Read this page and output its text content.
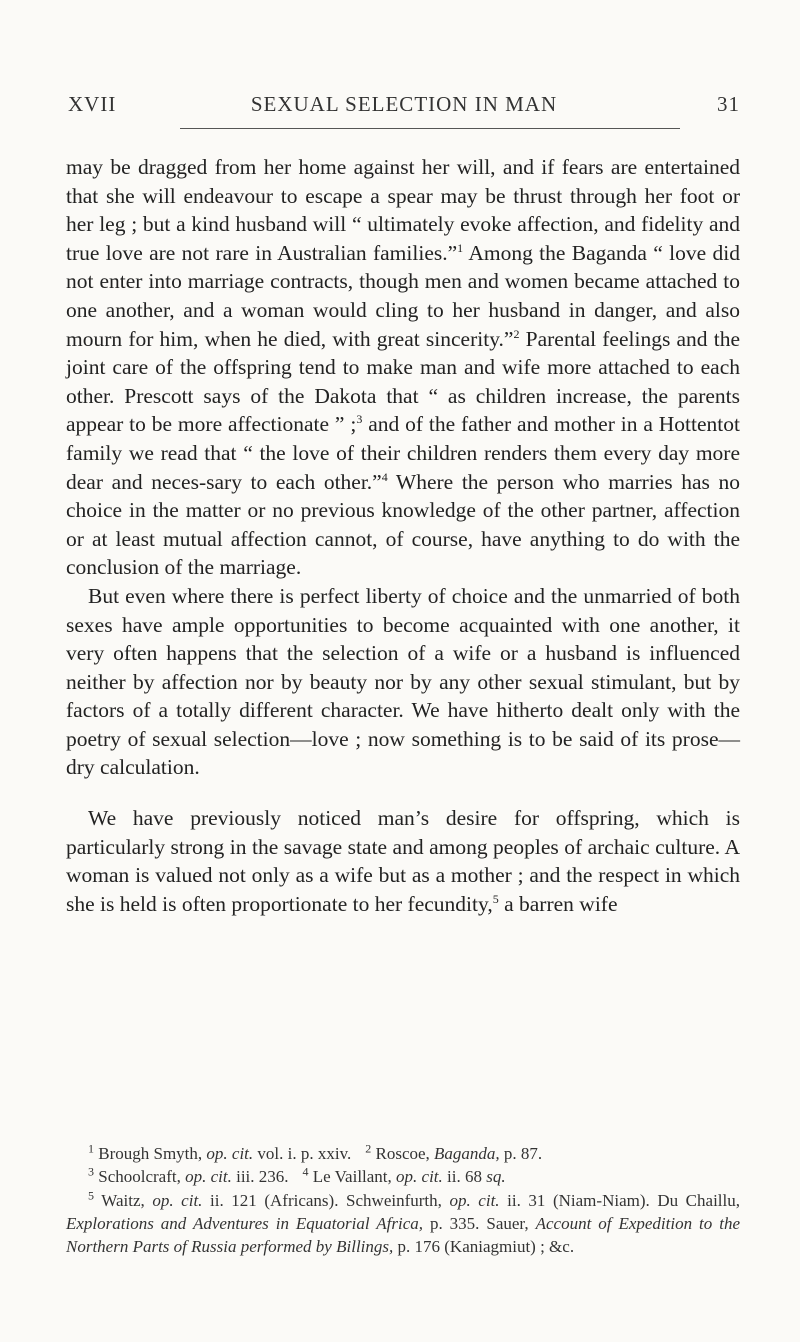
XVII	SEXUAL SELECTION IN MAN	31

may be dragged from her home against her will, and if fears are entertained that she will endeavour to escape a spear may be thrust through her foot or her leg ; but a kind husband will “ ultimately evoke affection, and fidelity and true love are not rare in Australian families.”$^1$ Among the Baganda “ love did not enter into marriage contracts, though men and women became attached to one another, and a woman would cling to her husband in danger, and also mourn for him, when he died, with great sincerity.”$^2$ Parental feelings and the joint care of the offspring tend to make man and wife more attached to each other. Prescott says of the Dakota that “ as children increase, the parents appear to be more affectionate ” ;$^3$ and of the father and mother in a Hottentot family we read that “ the love of their children renders them every day more dear and neces-sary to each other.”$^4$ Where the person who marries has no choice in the matter or no previous knowledge of the other partner, affection or at least mutual affection cannot, of course, have anything to do with the conclusion of the marriage.

But even where there is perfect liberty of choice and the unmarried of both sexes have ample opportunities to become acquainted with one another, it very often happens that the selection of a wife or a husband is influenced neither by affection nor by beauty nor by any other sexual stimulant, but by factors of a totally different character. We have hitherto dealt only with the poetry of sexual selection—love ; now something is to be said of its prose—dry calculation.

We have previously noticed man’s desire for offspring, which is particularly strong in the savage state and among peoples of archaic culture. A woman is valued not only as a wife but as a mother ; and the respect in which she is held is often proportionate to her fecundity,$^5$ a barren wife

$^1$ Brough Smyth, op. cit. vol. i. p. xxiv. $^2$ Roscoe, Baganda, p. 87.

$^3$ Schoolcraft, op. cit. iii. 236. $^4$ Le Vaillant, op. cit. ii. 68 sq.

$^5$ Waitz, op. cit. ii. 121 (Africans). Schweinfurth, op. cit. ii. 31 (Niam-Niam). Du Chaillu, Explorations and Adventures in Equatorial Africa, p. 335. Sauer, Account of Expedition to the Northern Parts of Russia performed by Billings, p. 176 (Kaniagmiut) ; &c.
